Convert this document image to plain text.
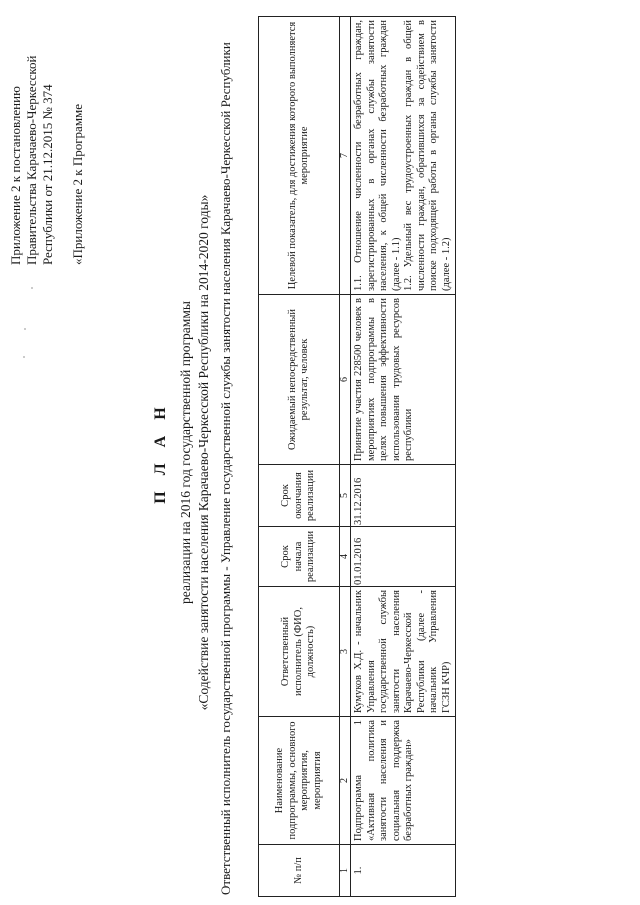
Приложение 2 к постановлению Правительства Карачаево-Черкесской Республики от 21.12.2015 № 374 «Приложение 2 к Программе
П Л А Н реализации на 2016 год государственной программы «Содействие занятости населения Карачаево-Черкесской Республики на 2014-2020 годы» Ответственный исполнитель государственной программы - Управление государственной службы занятости населения Карачаево-Черкесской Республики	№ п/п	Наименование подпрограммы, основного мероприятия, мероприятия	Ответственный исполнитель (ФИО, должность)	Срок начала реализации	Срок окончания реализации	Ожидаемый непосредственный результат, человек	Целевой показатель, для достижения которого выполняется мероприятие
1	2	3	4	5	6	7
1.	Подпрограмма 1 «Активная политика занятости населения и социальная поддержка безработных граждан»	Кумуков Х.Д. - начальник Управления государственной службы занятости населения Карачаево-Черкесской Республики (далее - начальник Управления ГСЗН КЧР)	01.01.2016	31.12.2016	Принятие участия 228500 человек в мероприятиях подпрограммы в целях повышения эффективности использования трудовых ресурсов республики	1.1. Отношение численности безработных граждан, зарегистрированных в органах службы занятости населения, к общей численности безработных граждан (далее - 1.1) 1.2. Удельный вес трудоустроенных граждан в общей численности граждан, обратившихся за содействием в поиске подходящей работы в органы службы занятости (далее - 1.2)
